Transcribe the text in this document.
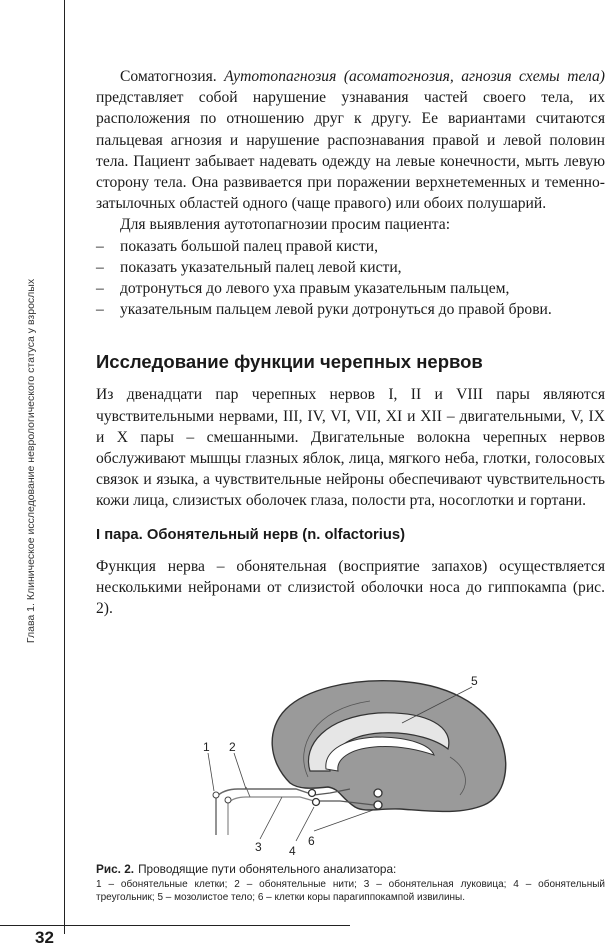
Глава 1. Клиническое исследование неврологического статуса у взрослых
32

Соматогнозия. Аутотопагнозия (асоматогнозия, агнозия схемы тела) представляет собой нарушение узнавания частей своего тела, их расположения по отношению друг к другу. Ее вариантами считаются пальцевая агнозия и нарушение распознавания правой и левой половин тела. Пациент забывает надевать одежду на левые конечности, мыть левую сторону тела. Она развивается при поражении верхнетеменных и теменно-затылочных областей одного (чаще правого) или обоих полушарий.

Для выявления аутотопагнозии просим пациента:

– показать большой палец правой кисти,
– показать указательный палец левой кисти,
– дотронуться до левого уха правым указательным пальцем,
– указательным пальцем левой руки дотронуться до правой брови.
Исследование функции черепных нервов

Из двенадцати пар черепных нервов I, II и VIII пары являются чувствительными нервами, III, IV, VI, VII, XI и XII – двигательными, V, IX и X пары – смешанными. Двигательные волокна черепных нервов обслуживают мышцы глазных яблок, лица, мягкого неба, глотки, голосовых связок и языка, а чувствительные нейроны обеспечивают чувствительность кожи лица, слизистых оболочек глаза, полости рта, носоглотки и гортани.

I пара. Обонятельный нерв (n. olfactorius)

Функция нерва – обонятельная (восприятие запахов) осуществляется несколькими нейронами от слизистой оболочки носа до гиппокампа (рис. 2).

1 2
3 4
5
6
Рис. 2. Проводящие пути обонятельного анализатора:
1 – обонятельные клетки; 2 – обонятельные нити; 3 – обонятельная луковица; 4 – обонятельный треугольник; 5 – мозолистое тело; 6 – клетки коры парагиппокампой извилины.
